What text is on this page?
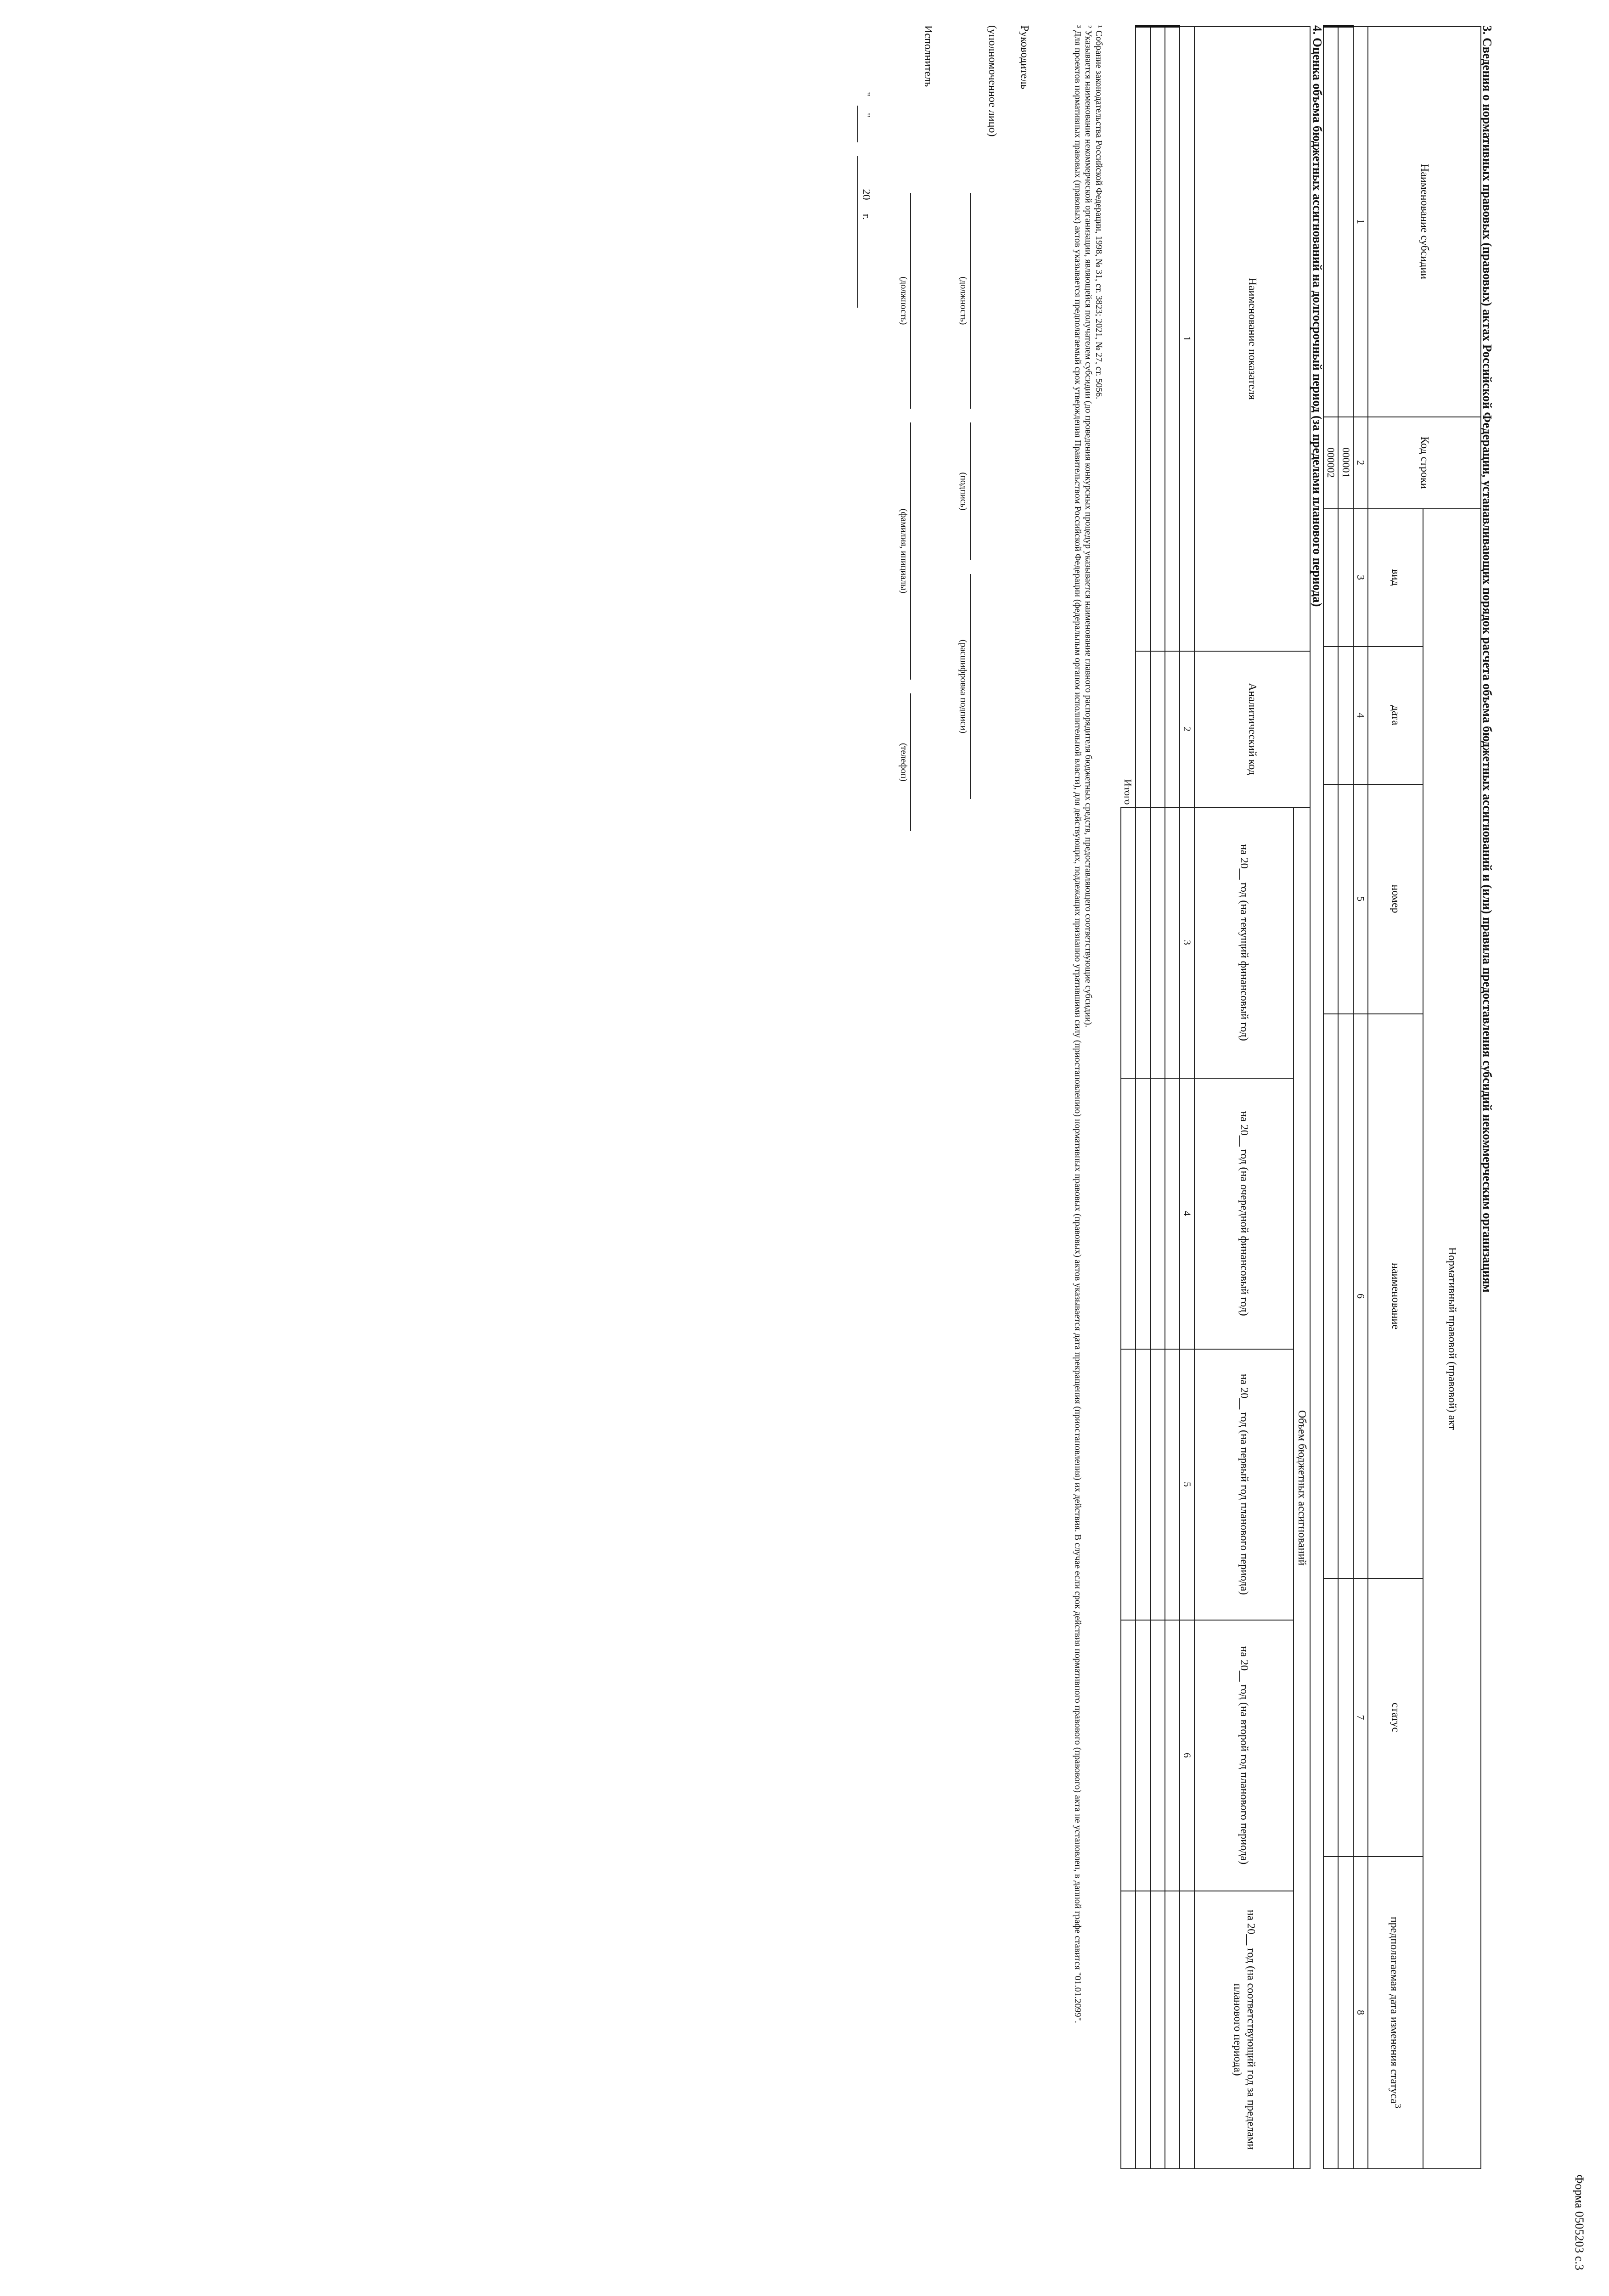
Форма 0505203 с.3
3. Сведения о нормативных правовых (правовых) актах Российской Федерации, устанавливающих порядок расчета объема бюджетных ассигнований и (или) правила предоставления субсидий некоммерческим организациям
Наименование субсидии	Код строки	Нормативный правовой (правовой) акт					
		вид	дата	номер	наименование	статус	предполагаемая дата изменения статуса$^3$
1	2	3	4	5	6	7	8
	000001						
	000002						
4. Оценка объема бюджетных ассигнований на долгосрочный период (за пределами планового периода)
Наименование показателя	Аналитический код	Объем бюджетных ассигнований				
		на 20__ год (на текущий финансовый год)	на 20__ год (на очередной финансовый год)	на 20__ год (на первый год планового периода)	на 20__ год (на второй год планового периода)	на 20__ год (на соответствующий год за пределами планового периода)
1	2	3	4	5	6	

Итого						
¹ Собрание законодательства Российской Федерации, 1998, № 31, ст. 3823; 2021, № 27, ст. 5056.
² Указывается наименование некоммерческой организации, являющейся получателем субсидии (до проведения конкурсных процедур указывается наименование главного распорядителя бюджетных средств, предоставляющего соответствующие субсидии).
³ Для проектов нормативных правовых (правовых) актов указывается предполагаемый срок утверждения Правительством Российской Федерации (федеральным органом исполнительной власти), для действующих, подлежащих признанию утратившими силу (приостановлению) нормативных правовых (правовых) актов указывается дата прекращения (приостановления) их действия. В случае если срок действия нормативного правового (правового) акта не установлен, в данной графе ставится "01.01.2099".
Руководитель
(уполномоченное лицо)
(должность)
(подпись)
(расшифровка подписи)
Исполнитель
(должность)
(фамилия, инициалы)
(телефон)
"      "                          20     г.
